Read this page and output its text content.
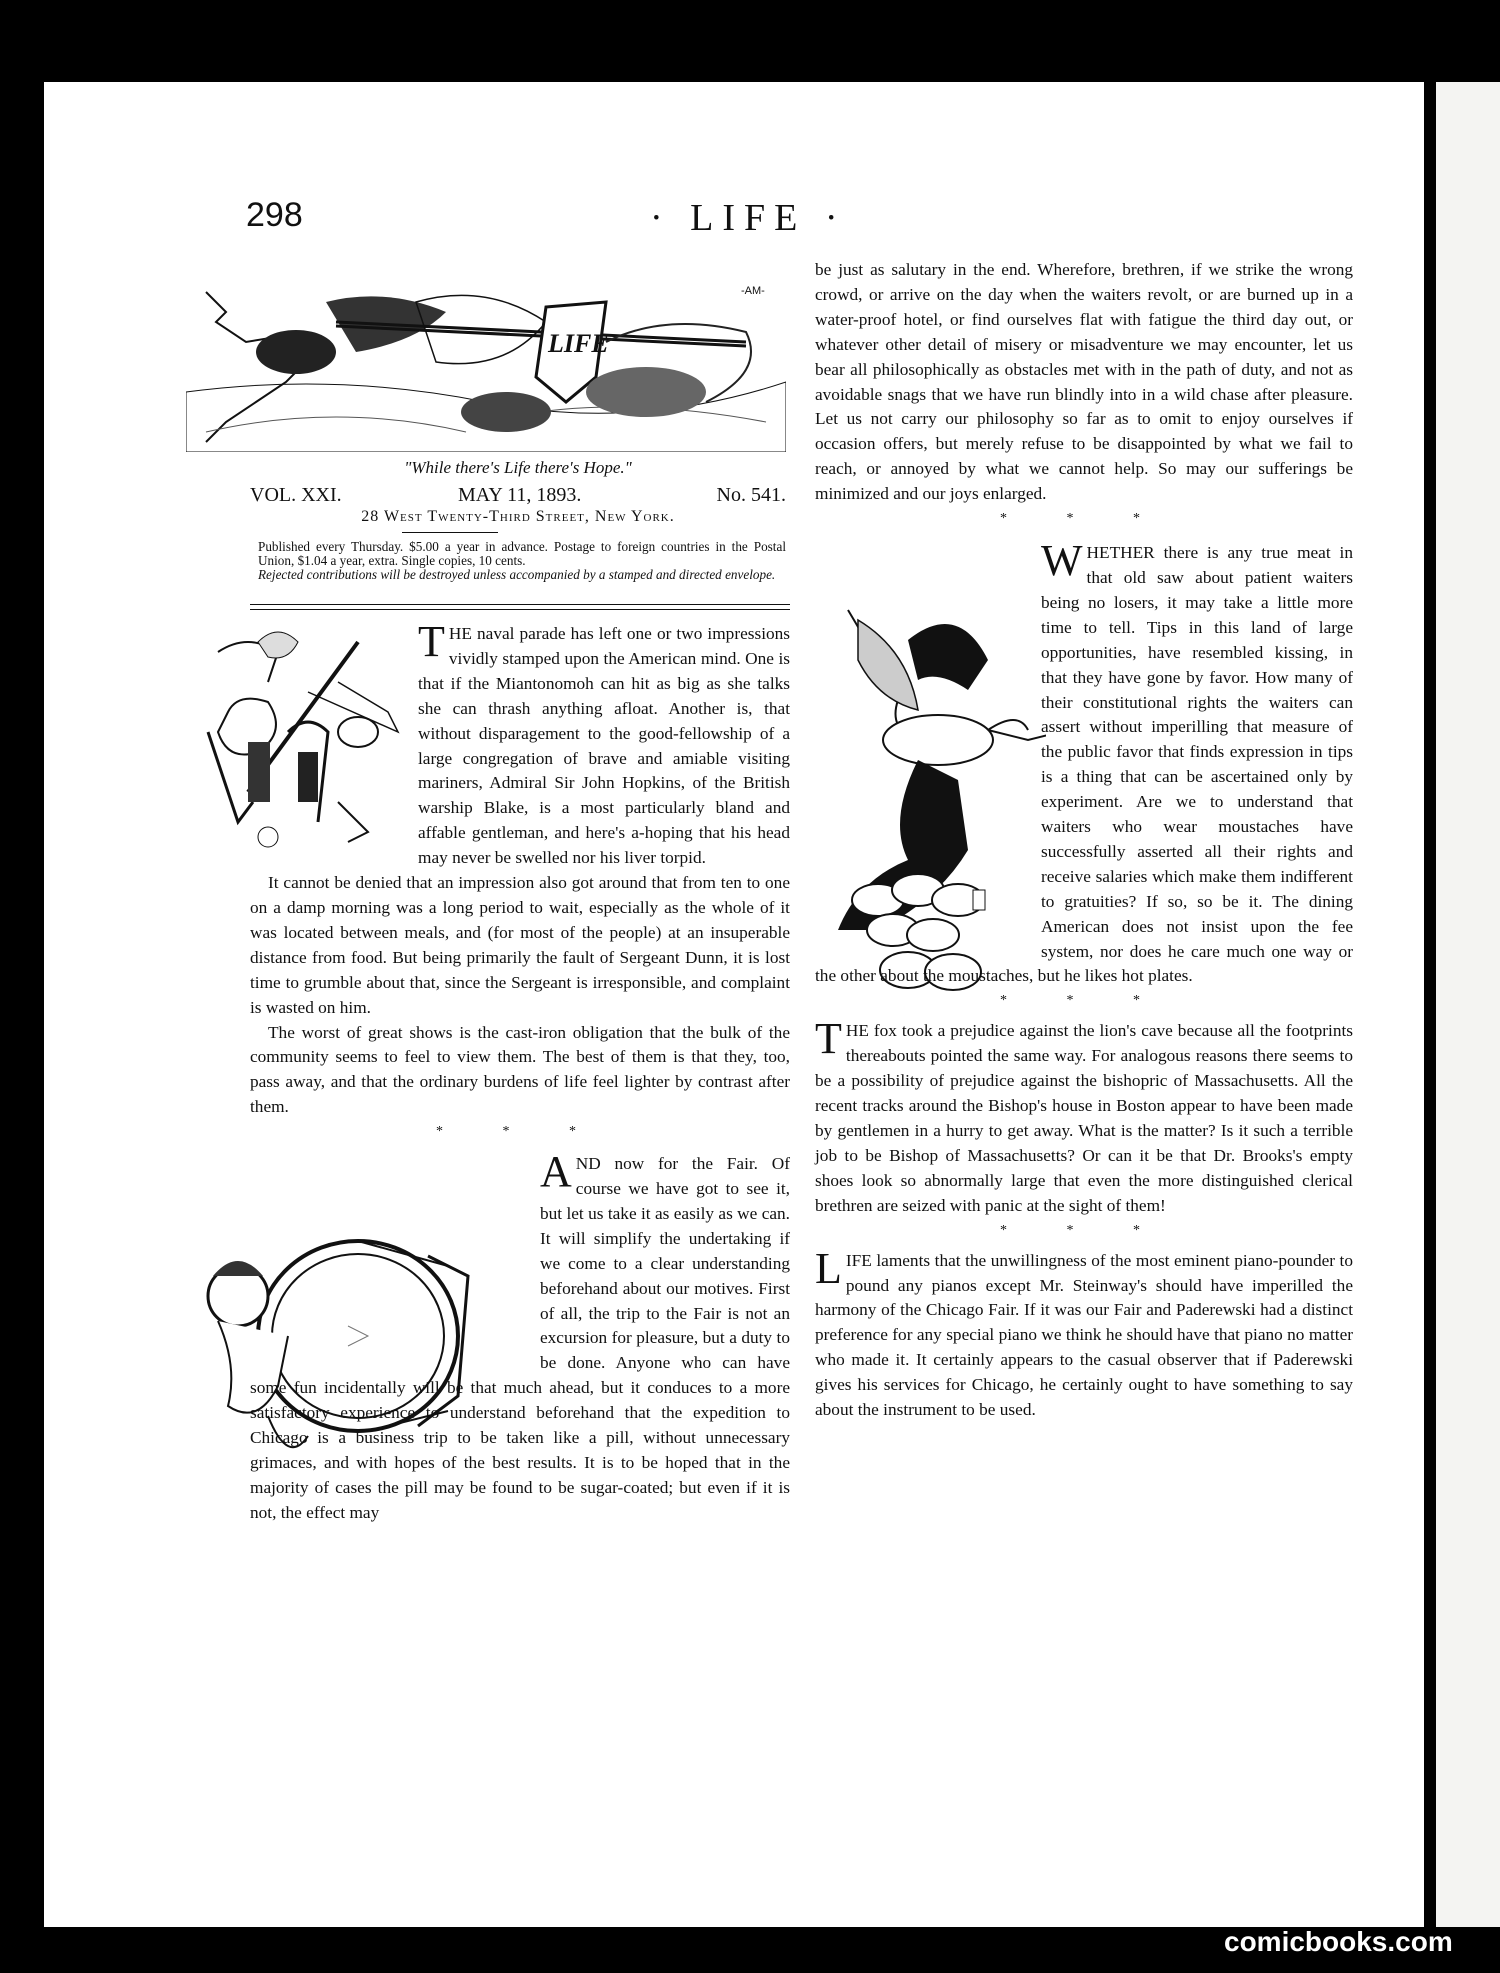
298	· LIFE ·
LIFE
-AM-
"While there's Life there's Hope."
VOL. XXI.	MAY 11, 1893.	No. 541.
28 West Twenty-Third Street, New York.
Published every Thursday. $5.00 a year in advance. Postage to foreign countries in the Postal Union, $1.04 a year, extra. Single copies, 10 cents.
Rejected contributions will be destroyed unless accompanied by a stamped and directed envelope.

THE naval parade has left one or two impressions vividly stamped upon the American mind. One is that if the Miantonomoh can hit as big as she talks she can thrash anything afloat. Another is, that without disparagement to the good-fellowship of a large congregation of brave and amiable visiting mariners, Admiral Sir John Hopkins, of the British warship Blake, is a most particularly bland and affable gentleman, and here's a-hoping that his head may never be swelled nor his liver torpid.

It cannot be denied that an impression also got around that from ten to one on a damp morning was a long period to wait, especially as the whole of it was located between meals, and (for most of the people) at an insuperable distance from food. But being primarily the fault of Sergeant Dunn, it is lost time to grumble about that, since the Sergeant is irresponsible, and complaint is wasted on him.

The worst of great shows is the cast-iron obligation that the bulk of the community seems to feel to view them. The best of them is that they, too, pass away, and that the ordinary burdens of life feel lighter by contrast after them.

* * *

AND now for the Fair. Of course we have got to see it, but let us take it as easily as we can. It will simplify the undertaking if we come to a clear understanding beforehand about our motives. First of all, the trip to the Fair is not an excursion for pleasure, but a duty to be done. Anyone who can have some fun incidentally will be that much ahead, but it conduces to a more satisfactory experience to understand beforehand that the expedition to Chicago is a business trip to be taken like a pill, without unnecessary grimaces, and with hopes of the best results. It is to be hoped that in the majority of cases the pill may be found to be sugar-coated; but even if it is not, the effect may

be just as salutary in the end. Wherefore, brethren, if we strike the wrong crowd, or arrive on the day when the waiters revolt, or are burned up in a water-proof hotel, or find ourselves flat with fatigue the third day out, or whatever other detail of misery or misadventure we may encounter, let us bear all philosophically as obstacles met with in the path of duty, and not as avoidable snags that we have run blindly into in a wild chase after pleasure. Let us not carry our philosophy so far as to omit to enjoy ourselves if occasion offers, but merely refuse to be disappointed by what we fail to reach, or annoyed by what we cannot help. So may our sufferings be minimized and our joys enlarged.

* * *

WHETHER there is any true meat in that old saw about patient waiters being no losers, it may take a little more time to tell. Tips in this land of large opportunities, have resembled kissing, in that they have gone by favor. How many of their constitutional rights the waiters can assert without imperilling that measure of the public favor that finds expression in tips is a thing that can be ascertained only by experiment. Are we to understand that waiters who wear moustaches have successfully asserted all their rights and receive salaries which make them indifferent to gratuities? If so, so be it. The dining American does not insist upon the fee system, nor does he care much one way or the other about the moustaches, but he likes hot plates.

* * *

THE fox took a prejudice against the lion's cave because all the footprints thereabouts pointed the same way. For analogous reasons there seems to be a possibility of prejudice against the bishopric of Massachusetts. All the recent tracks around the Bishop's house in Boston appear to have been made by gentlemen in a hurry to get away. What is the matter? Is it such a terrible job to be Bishop of Massachusetts? Or can it be that Dr. Brooks's empty shoes look so abnormally large that even the more distinguished clerical brethren are seized with panic at the sight of them!

* * *

LIFE laments that the unwillingness of the most eminent piano-pounder to pound any pianos except Mr. Steinway's should have imperilled the harmony of the Chicago Fair. If it was our Fair and Paderewski had a distinct preference for any special piano we think he should have that piano no matter who made it. It certainly appears to the casual observer that if Paderewski gives his services for Chicago, he certainly ought to have something to say about the instrument to be used.

comicbooks.com
